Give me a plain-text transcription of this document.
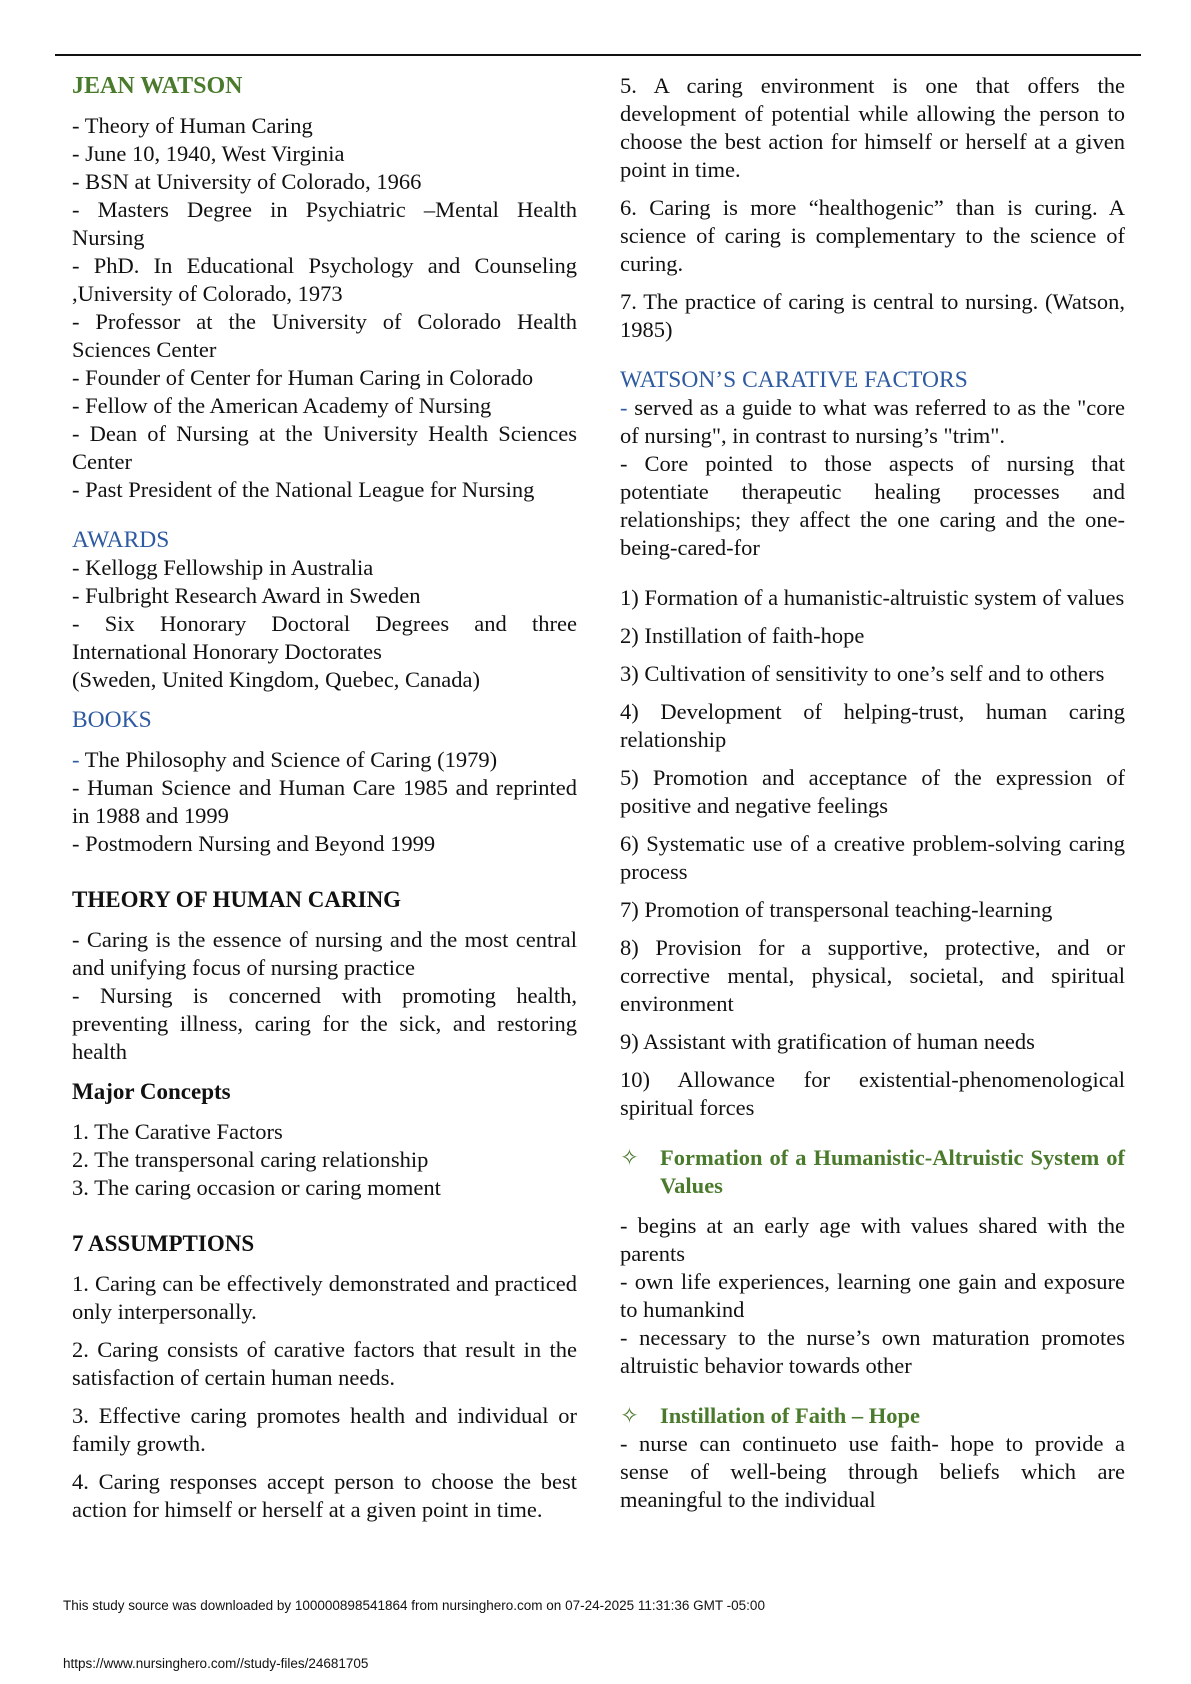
JEAN WATSON

- Theory of Human Caring

- June 10, 1940, West Virginia

- BSN at University of Colorado, 1966

- Masters Degree in Psychiatric –Mental Health Nursing

- PhD. In Educational Psychology and Counseling ,University of Colorado, 1973

- Professor at the University of Colorado Health Sciences Center

- Founder of Center for Human Caring in Colorado

- Fellow of the American Academy of Nursing

- Dean of Nursing at the University Health Sciences Center

- Past President of the National League for Nursing

AWARDS

- Kellogg Fellowship in Australia

- Fulbright Research Award in Sweden

- Six Honorary Doctoral Degrees and three International Honorary Doctorates

(Sweden, United Kingdom, Quebec, Canada)

BOOKS

- The Philosophy and Science of Caring (1979)

- Human Science and Human Care 1985 and reprinted in 1988 and 1999

- Postmodern Nursing and Beyond 1999

THEORY OF HUMAN CARING

- Caring is the essence of nursing and the most central and unifying focus of nursing practice

- Nursing is concerned with promoting health, preventing illness, caring for the sick, and restoring health

Major Concepts

1. The Carative Factors

2. The transpersonal caring relationship

3. The caring occasion or caring moment

7 ASSUMPTIONS

1. Caring can be effectively demonstrated and practiced only interpersonally.

2. Caring consists of carative factors that result in the satisfaction of certain human needs.

3. Effective caring promotes health and individual or family growth.

4. Caring responses accept person to choose the best action for himself or herself at a given point in time.

5. A caring environment is one that offers the development of potential while allowing the person to choose the best action for himself or herself at a given point in time.

6. Caring is more “healthogenic” than is curing. A science of caring is complementary to the science of curing.

7. The practice of caring is central to nursing. (Watson, 1985)

WATSON’S CARATIVE FACTORS

- served as a guide to what was referred to as the "core of nursing", in contrast to nursing’s "trim".

- Core pointed to those aspects of nursing that potentiate therapeutic healing processes and relationships; they affect the one caring and the one-being-cared-for

1) Formation of a humanistic-altruistic system of values

2) Instillation of faith-hope

3) Cultivation of sensitivity to one’s self and to others

4) Development of helping-trust, human caring relationship

5) Promotion and acceptance of the expression of positive and negative feelings

6) Systematic use of a creative problem-solving caring process

7) Promotion of transpersonal teaching-learning

8) Provision for a supportive, protective, and or corrective mental, physical, societal, and spiritual environment

9) Assistant with gratification of human needs

10) Allowance for existential-phenomenological spiritual forces

✧ Formation of a Humanistic-Altruistic System of Values

- begins at an early age with values shared with the parents

- own life experiences, learning one gain and exposure to humankind

- necessary to the nurse’s own maturation promotes altruistic behavior towards other

✧ Instillation of Faith – Hope

- nurse can continueto use faith- hope to provide a sense of well-being through beliefs which are meaningful to the individual

This study source was downloaded by 100000898541864 from nursinghero.com on 07-24-2025 11:31:36 GMT -05:00
https://www.nursinghero.com//study-files/24681705
